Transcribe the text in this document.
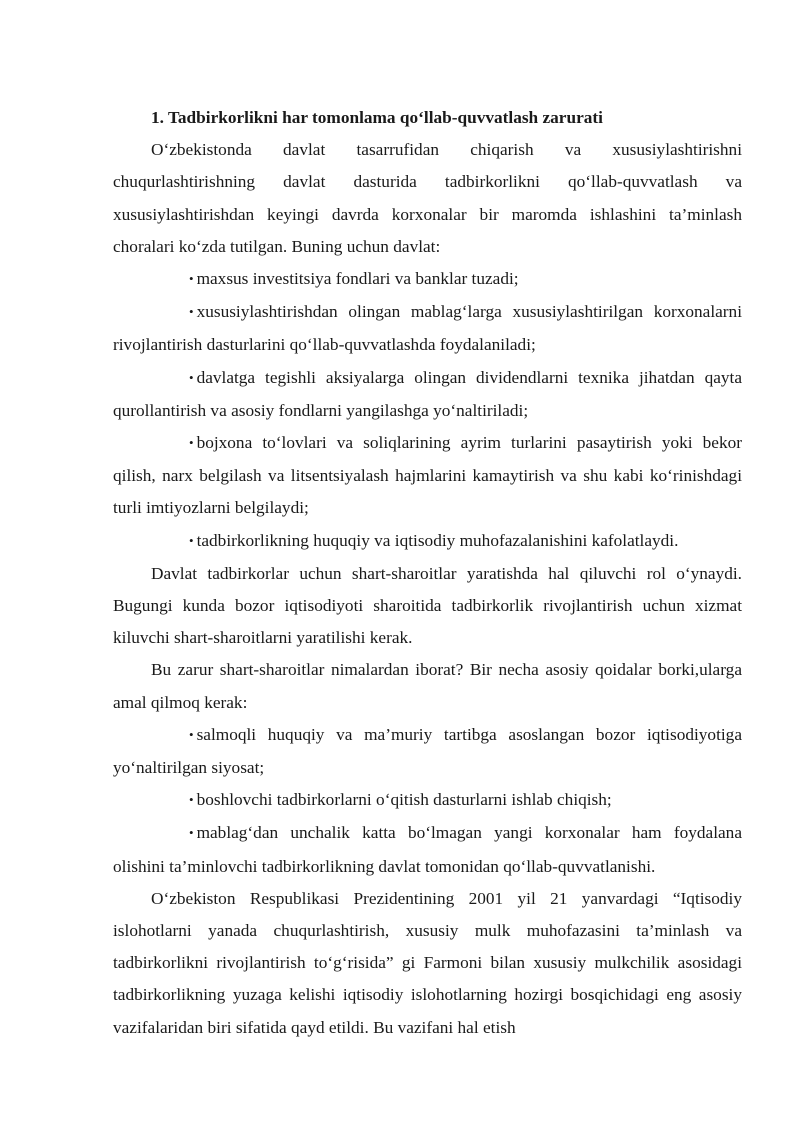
1. Tadbirkorlikni har tomonlama qo‘llab-quvvatlash zarurati

O‘zbekistonda davlat tasarrufidan chiqarish va xususiylashtirishni chuqurlashtirishning davlat dasturida tadbirkorlikni qo‘llab-quvvatlash va xususiylashtirishdan keyingi davrda korxonalar bir maromda ishlashini ta’minlash choralari ko‘zda tutilgan. Buning uchun davlat:

• maxsus investitsiya fondlari va banklar tuzadi;

• xususiylashtirishdan olingan mablag‘larga xususiylashtirilgan korxonalarni rivojlantirish dasturlarini qo‘llab-quvvatlashda foydalaniladi;

• davlatga tegishli aksiyalarga olingan dividendlarni texnika jihatdan qayta qurollantirish va asosiy fondlarni yangilashga yo‘naltiriladi;

• bojxona to‘lovlari va soliqlarining ayrim turlarini pasaytirish yoki bekor qilish, narx belgilash va litsentsiyalash hajmlarini kamaytirish va shu kabi ko‘rinishdagi turli imtiyozlarni belgilaydi;

• tadbirkorlikning huquqiy va iqtisodiy muhofazalanishini kafolatlaydi.

Davlat tadbirkorlar uchun shart-sharoitlar yaratishda hal qiluvchi rol o‘ynaydi. Bugungi kunda bozor iqtisodiyoti sharoitida tadbirkorlik rivojlantirish uchun xizmat kiluvchi shart-sharoitlarni yaratilishi kerak.

Bu zarur shart-sharoitlar nimalardan iborat? Bir necha asosiy qoidalar borki,ularga amal qilmoq kerak:

• salmoqli huquqiy va ma’muriy tartibga asoslangan bozor iqtisodiyotiga yo‘naltirilgan siyosat;

• boshlovchi tadbirkorlarni o‘qitish dasturlarni ishlab chiqish;

• mablag‘dan unchalik katta bo‘lmagan yangi korxonalar ham foydalana olishini ta’minlovchi tadbirkorlikning davlat tomonidan qo‘llab-quvvatlanishi.

O‘zbekiston Respublikasi Prezidentining 2001 yil 21 yanvardagi “Iqtisodiy islohotlarni yanada chuqurlashtirish, xususiy mulk muhofazasini ta’minlash va tadbirkorlikni rivojlantirish to‘g‘risida” gi Farmoni bilan xususiy mulkchilik asosidagi tadbirkorlikning yuzaga kelishi iqtisodiy islohotlarning hozirgi bosqichidagi eng asosiy vazifalaridan biri sifatida qayd etildi. Bu vazifani hal etish
